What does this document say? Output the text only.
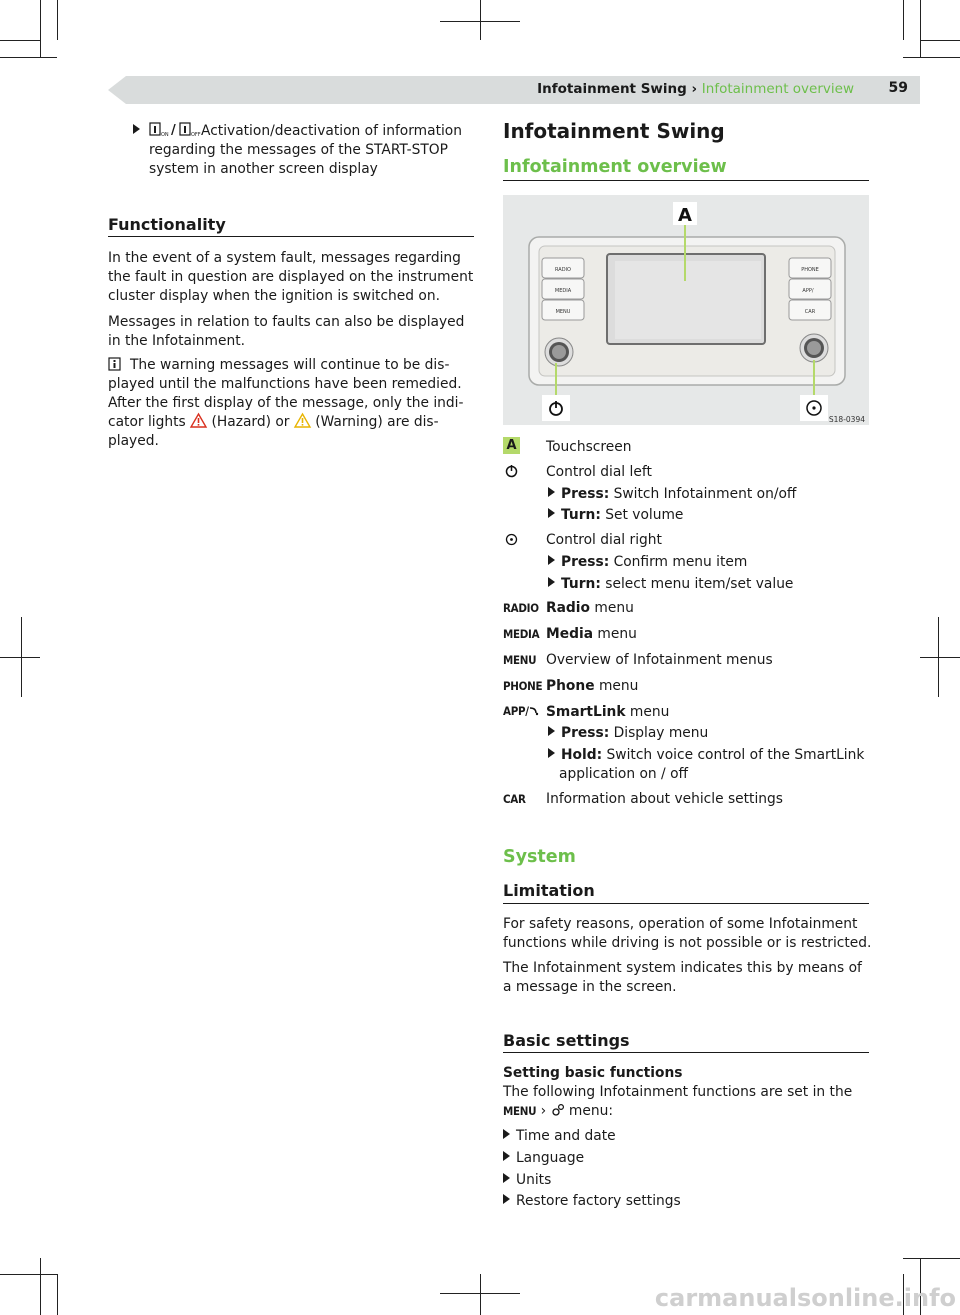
Infotainment Swing › Infotainment overview 59
ON /	OFF Activation/deactivation of information regarding the messages of the START-STOP system in another screen display
Functionality
In the event of a system fault, messages regarding the fault in question are displayed on the instrument cluster display when the ignition is switched on.
Messages in relation to faults can also be displayed in the Infotainment.
The warning messages will continue to be dis-
played until the malfunctions have been remedied.
After the first display of the message, only the indi-
cator lights (Hazard) or (Warning) are dis-
played.
Infotainment Swing
Infotainment overview
RADIO
MEDIA
MENU
PHONE
APP/
CAR
A
S18-0394
A Touchscreen
Control dial left
Press: Switch Infotainment on/off
Turn: Set volume
Control dial right
Press: Confirm menu item
Turn: select menu item/set value
RADIO Radio menu
MEDIA Media menu
MENU Overview of Infotainment menus
PHONE Phone menu
APP/	SmartLink menu
Press: Display menu
Hold: Switch voice control of the SmartLink
application on / off
CAR Information about vehicle settings
System
Limitation
For safety reasons, operation of some Infotainment functions while driving is not possible or is restricted.
The Infotainment system indicates this by means of a message in the screen.
Basic settings
Setting basic functions
The following Infotainment functions are set in the
MENU ›  menu:
Time and date
Language
Units
Restore factory settings
carmanualsonline.info
